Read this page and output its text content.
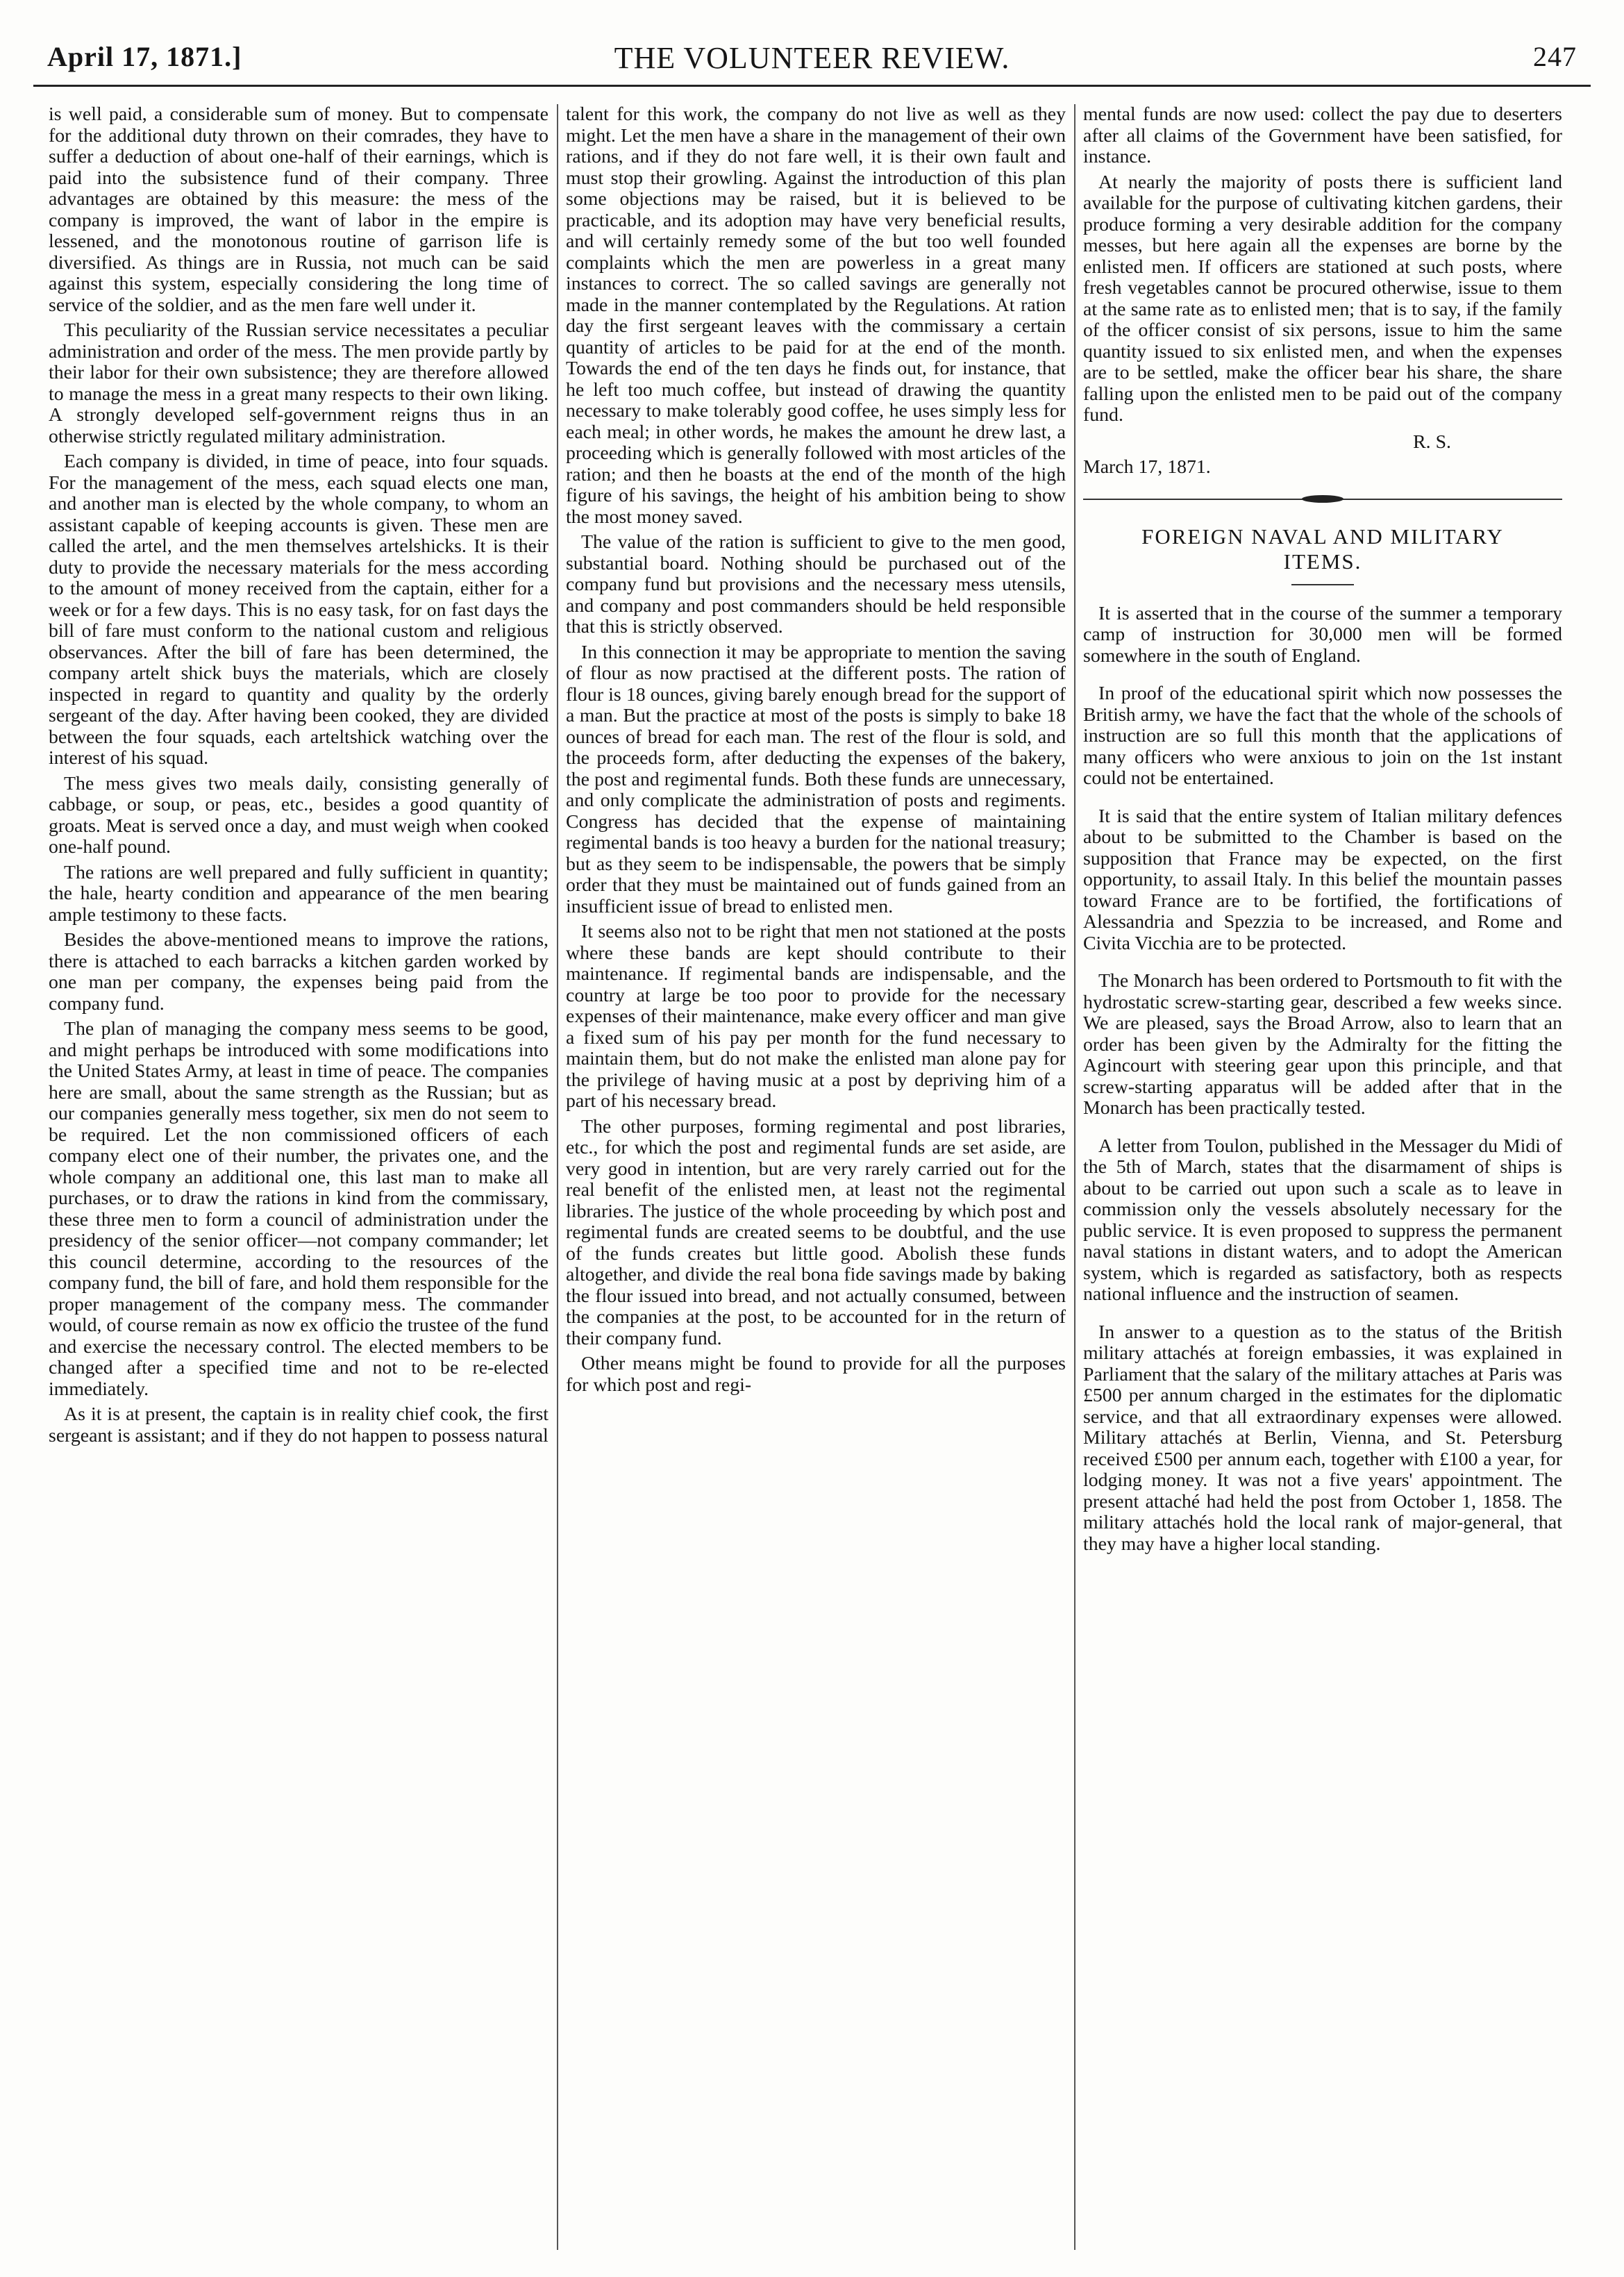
April 17, 1871.]	THE VOLUNTEER REVIEW.	247

is well paid, a considerable sum of money. But to compensate for the additional duty thrown on their comrades, they have to suffer a deduction of about one-half of their earnings, which is paid into the subsistence fund of their company. Three advantages are obtained by this measure: the mess of the company is improved, the want of labor in the empire is lessened, and the monotonous routine of garrison life is diversified. As things are in Russia, not much can be said against this system, especially considering the long time of service of the soldier, and as the men fare well under it.

This peculiarity of the Russian service necessitates a peculiar administration and order of the mess. The men provide partly by their labor for their own subsistence; they are therefore allowed to manage the mess in a great many respects to their own liking. A strongly developed self-government reigns thus in an otherwise strictly regulated military administration.

Each company is divided, in time of peace, into four squads. For the management of the mess, each squad elects one man, and another man is elected by the whole company, to whom an assistant capable of keeping accounts is given. These men are called the artel, and the men themselves artelshicks. It is their duty to provide the necessary materials for the mess according to the amount of money received from the captain, either for a week or for a few days. This is no easy task, for on fast days the bill of fare must conform to the national custom and religious observances. After the bill of fare has been determined, the company artelt shick buys the materials, which are closely inspected in regard to quantity and quality by the orderly sergeant of the day. After having been cooked, they are divided between the four squads, each arteltshick watching over the interest of his squad.

The mess gives two meals daily, consisting generally of cabbage, or soup, or peas, etc., besides a good quantity of groats. Meat is served once a day, and must weigh when cooked one-half pound.

The rations are well prepared and fully sufficient in quantity; the hale, hearty condition and appearance of the men bearing ample testimony to these facts.

Besides the above-mentioned means to improve the rations, there is attached to each barracks a kitchen garden worked by one man per company, the expenses being paid from the company fund.

The plan of managing the company mess seems to be good, and might perhaps be introduced with some modifications into the United States Army, at least in time of peace. The companies here are small, about the same strength as the Russian; but as our companies generally mess together, six men do not seem to be required. Let the non commissioned officers of each company elect one of their number, the privates one, and the whole company an additional one, this last man to make all purchases, or to draw the rations in kind from the commissary, these three men to form a council of administration under the presidency of the senior officer—not company commander; let this council determine, according to the resources of the company fund, the bill of fare, and hold them responsible for the proper management of the company mess. The commander would, of course remain as now ex officio the trustee of the fund and exercise the necessary control. The elected members to be changed after a specified time and not to be re-elected immediately.

As it is at present, the captain is in reality chief cook, the first sergeant is assistant; and if they do not happen to possess natural

talent for this work, the company do not live as well as they might. Let the men have a share in the management of their own rations, and if they do not fare well, it is their own fault and must stop their growling. Against the introduction of this plan some objections may be raised, but it is believed to be practicable, and its adoption may have very beneficial results, and will certainly remedy some of the but too well founded complaints which the men are powerless in a great many instances to correct. The so called savings are generally not made in the manner contemplated by the Regulations. At ration day the first sergeant leaves with the commissary a certain quantity of articles to be paid for at the end of the month. Towards the end of the ten days he finds out, for instance, that he left too much coffee, but instead of drawing the quantity necessary to make tolerably good coffee, he uses simply less for each meal; in other words, he makes the amount he drew last, a proceeding which is generally followed with most articles of the ration; and then he boasts at the end of the month of the high figure of his savings, the height of his ambition being to show the most money saved.

The value of the ration is sufficient to give to the men good, substantial board. Nothing should be purchased out of the company fund but provisions and the necessary mess utensils, and company and post commanders should be held responsible that this is strictly observed.

In this connection it may be appropriate to mention the saving of flour as now practised at the different posts. The ration of flour is 18 ounces, giving barely enough bread for the support of a man. But the practice at most of the posts is simply to bake 18 ounces of bread for each man. The rest of the flour is sold, and the proceeds form, after deducting the expenses of the bakery, the post and regimental funds. Both these funds are unnecessary, and only complicate the administration of posts and regiments. Congress has decided that the expense of maintaining regimental bands is too heavy a burden for the national treasury; but as they seem to be indispensable, the powers that be simply order that they must be maintained out of funds gained from an insufficient issue of bread to enlisted men.

It seems also not to be right that men not stationed at the posts where these bands are kept should contribute to their maintenance. If regimental bands are indispensable, and the country at large be too poor to provide for the necessary expenses of their maintenance, make every officer and man give a fixed sum of his pay per month for the fund necessary to maintain them, but do not make the enlisted man alone pay for the privilege of having music at a post by depriving him of a part of his necessary bread.

The other purposes, forming regimental and post libraries, etc., for which the post and regimental funds are set aside, are very good in intention, but are very rarely carried out for the real benefit of the enlisted men, at least not the regimental libraries. The justice of the whole proceeding by which post and regimental funds are created seems to be doubtful, and the use of the funds creates but little good. Abolish these funds altogether, and divide the real bona fide savings made by baking the flour issued into bread, and not actually consumed, between the companies at the post, to be accounted for in the return of their company fund.

Other means might be found to provide for all the purposes for which post and regi-

mental funds are now used: collect the pay due to deserters after all claims of the Government have been satisfied, for instance.

At nearly the majority of posts there is sufficient land available for the purpose of cultivating kitchen gardens, their produce forming a very desirable addition for the company messes, but here again all the expenses are borne by the enlisted men. If officers are stationed at such posts, where fresh vegetables cannot be procured otherwise, issue to them at the same rate as to enlisted men; that is to say, if the family of the officer consist of six persons, issue to him the same quantity issued to six enlisted men, and when the expenses are to be settled, make the officer bear his share, the share falling upon the enlisted men to be paid out of the company fund.

R. S.
March 17, 1871.
FOREIGN NAVAL AND MILITARY
ITEMS.

It is asserted that in the course of the summer a temporary camp of instruction for 30,000 men will be formed somewhere in the south of England.

In proof of the educational spirit which now possesses the British army, we have the fact that the whole of the schools of instruction are so full this month that the applications of many officers who were anxious to join on the 1st instant could not be entertained.

It is said that the entire system of Italian military defences about to be submitted to the Chamber is based on the supposition that France may be expected, on the first opportunity, to assail Italy. In this belief the mountain passes toward France are to be fortified, the fortifications of Alessandria and Spezzia to be increased, and Rome and Civita Vicchia are to be protected.

The Monarch has been ordered to Portsmouth to fit with the hydrostatic screw-starting gear, described a few weeks since. We are pleased, says the Broad Arrow, also to learn that an order has been given by the Admiralty for the fitting the Agincourt with steering gear upon this principle, and that screw-starting apparatus will be added after that in the Monarch has been practically tested.

A letter from Toulon, published in the Messager du Midi of the 5th of March, states that the disarmament of ships is about to be carried out upon such a scale as to leave in commission only the vessels absolutely necessary for the public service. It is even proposed to suppress the permanent naval stations in distant waters, and to adopt the American system, which is regarded as satisfactory, both as respects national influence and the instruction of seamen.

In answer to a question as to the status of the British military attachés at foreign embassies, it was explained in Parliament that the salary of the military attaches at Paris was £500 per annum charged in the estimates for the diplomatic service, and that all extraordinary expenses were allowed. Military attachés at Berlin, Vienna, and St. Petersburg received £500 per annum each, together with £100 a year, for lodging money. It was not a five years' appointment. The present attaché had held the post from October 1, 1858. The military attachés hold the local rank of major-general, that they may have a higher local standing.
